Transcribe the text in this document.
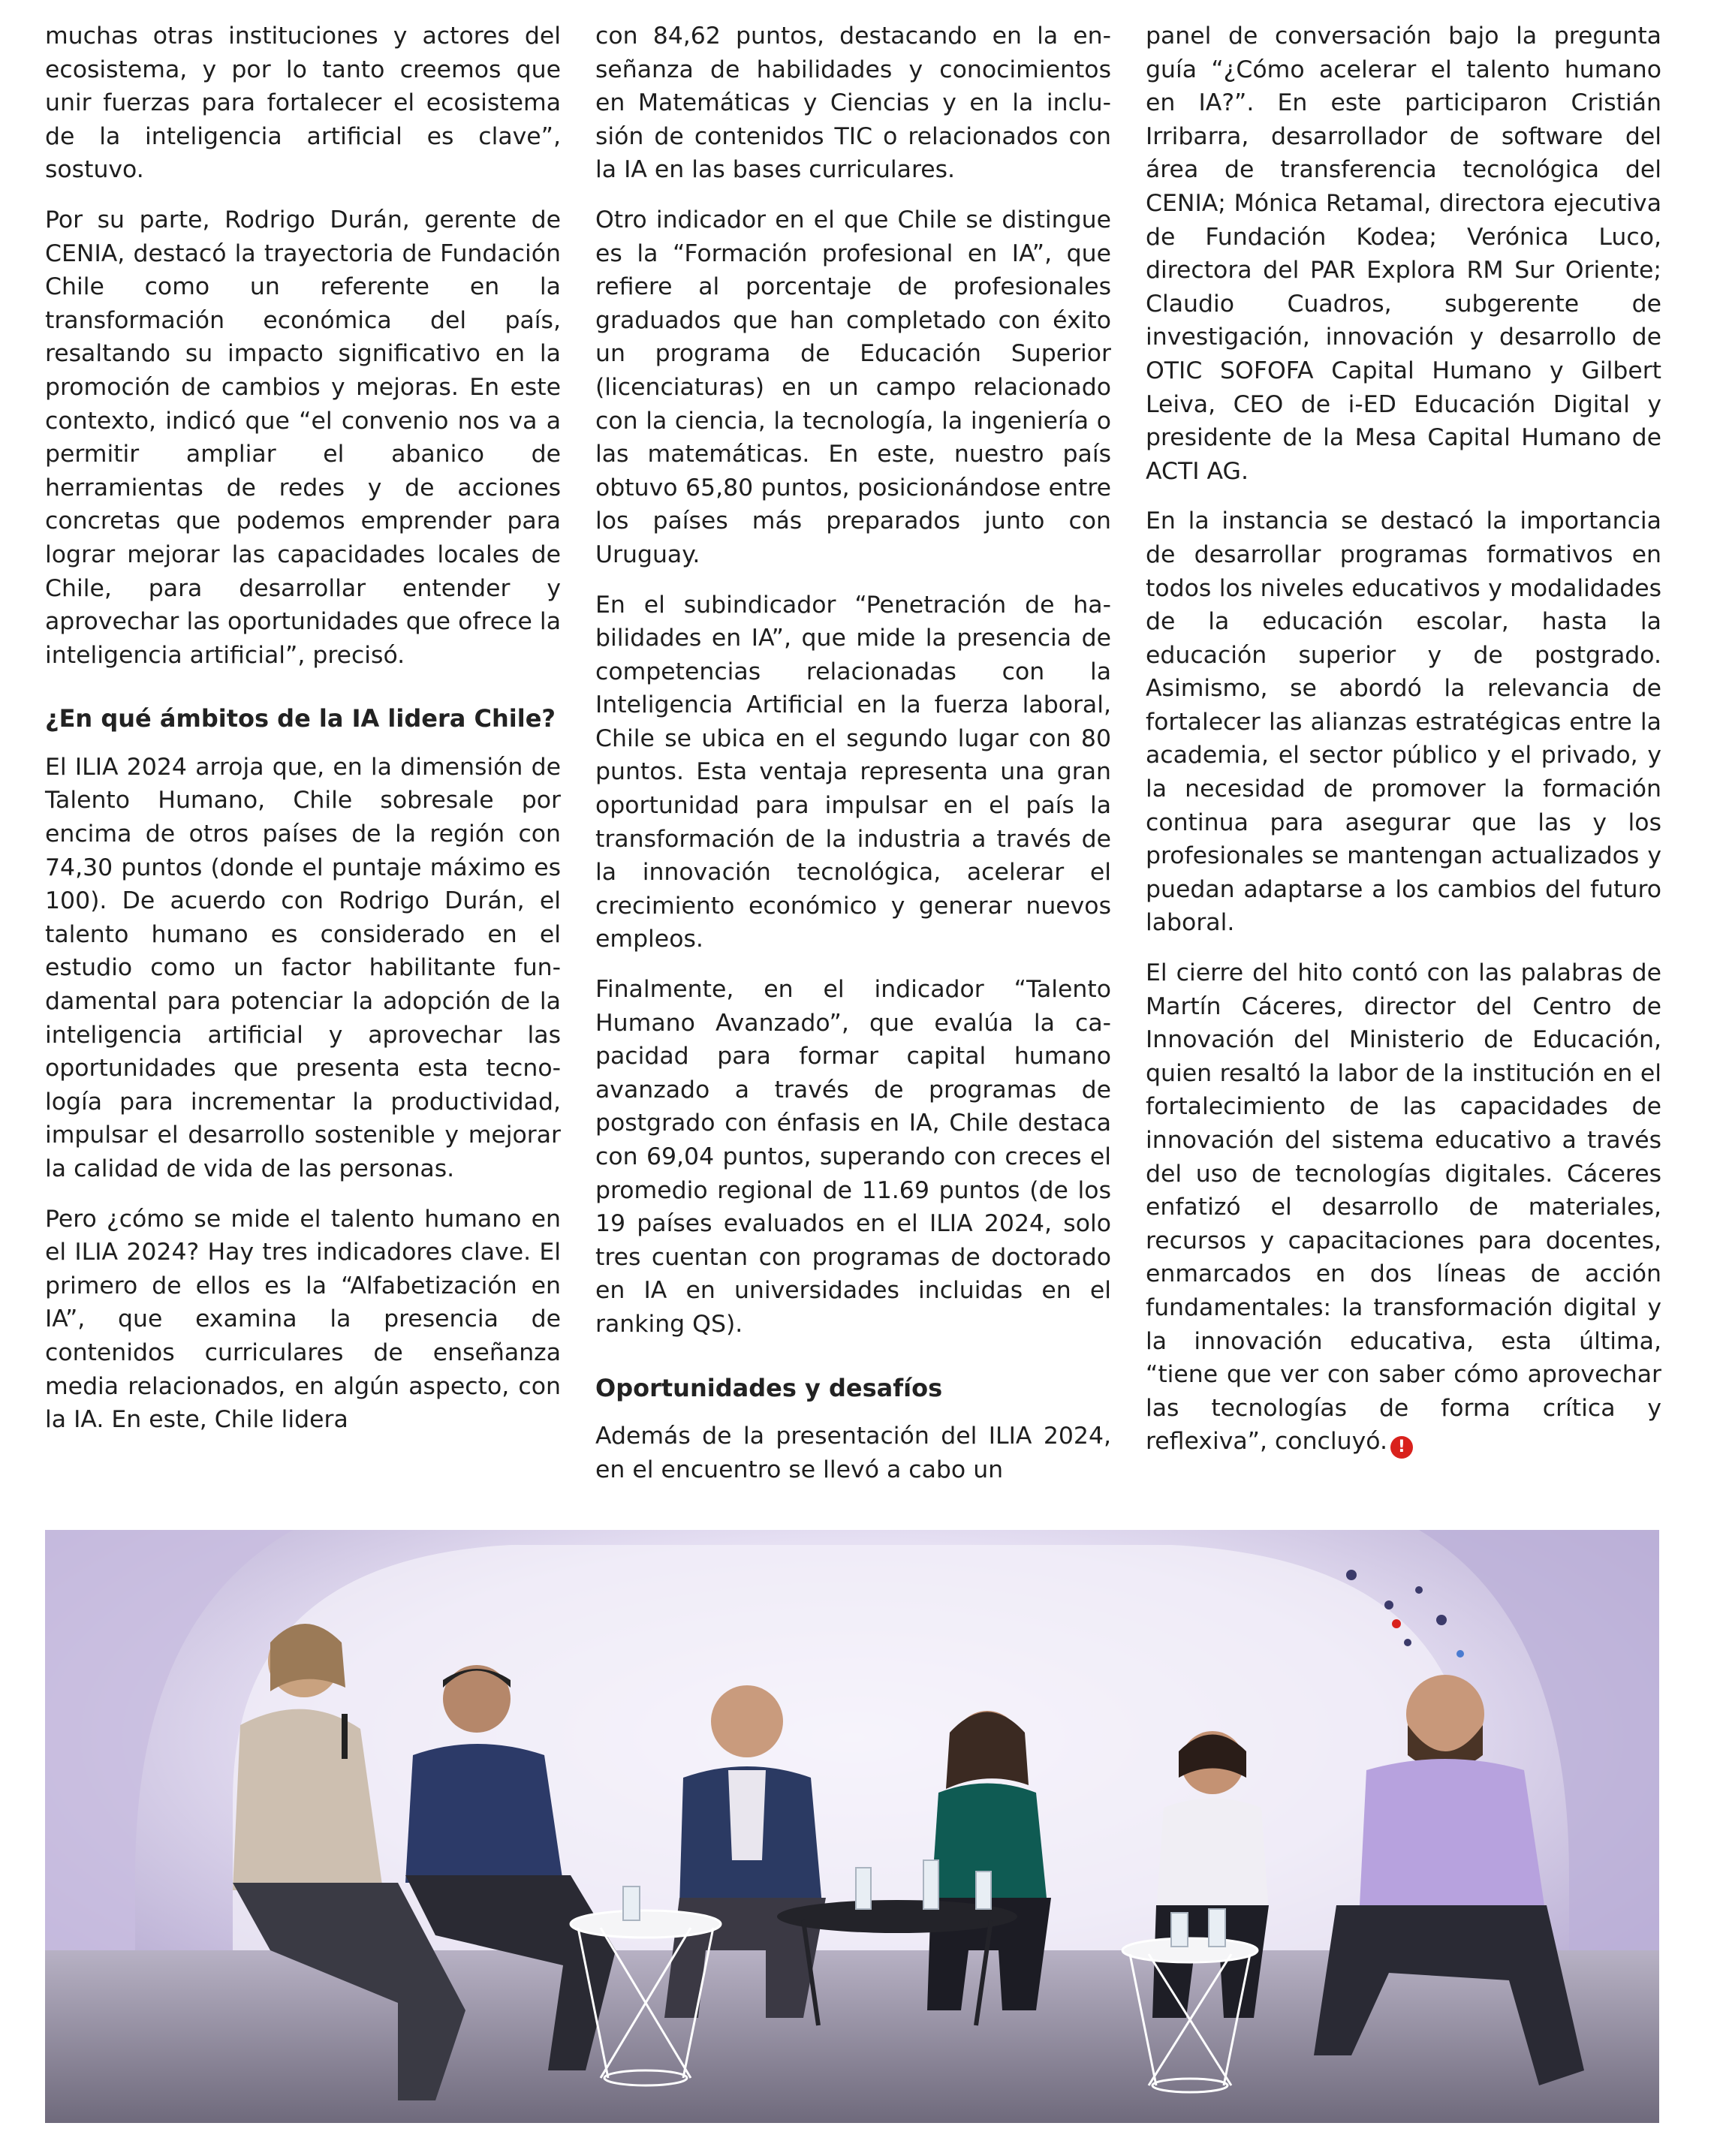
muchas otras instituciones y actores del ecosistema, y por lo tanto creemos que unir fuerzas para fortalecer el ecosistema de la inteligencia artificial es clave”, sostuvo.

Por su parte, Rodrigo Durán, gerente de CENIA, destacó la trayectoria de Fundación Chile como un referente en la transformación económica del país, resaltando su impacto significativo en la promoción de cambios y mejoras. En este contexto, indicó que “el convenio nos va a permitir ampliar el abanico de herramientas de redes y de acciones concretas que podemos emprender para lograr mejorar las capacidades locales de Chile, para desarrollar entender y aprovechar las oportunidades que ofrece la inteligencia artificial”, precisó.

¿En qué ámbitos de la IA lidera Chile?

El ILIA 2024 arroja que, en la dimensión de Talento Humano, Chile sobresale por encima de otros países de la región con 74,30 puntos (donde el puntaje máximo es 100). De acuerdo con Rodrigo Durán, el talento humano es considerado en el estudio como un factor habilitante fundamental para potenciar la adopción de la inteligencia artificial y aprovechar las oportunidades que presenta esta tecnología para incrementar la productividad, impulsar el desarrollo sostenible y mejorar la calidad de vida de las personas.

Pero ¿cómo se mide el talento humano en el ILIA 2024? Hay tres indicadores clave. El primero de ellos es la “Alfabetización en IA”, que examina la presencia de contenidos curriculares de enseñanza media relacionados, en algún aspecto, con la IA. En este, Chile lidera

con 84,62 puntos, destacando en la enseñanza de habilidades y conocimientos en Matemáticas y Ciencias y en la inclusión de contenidos TIC o relacionados con la IA en las bases curriculares.

Otro indicador en el que Chile se distingue es la “Formación profesional en IA”, que refiere al porcentaje de profesionales graduados que han completado con éxito un programa de Educación Superior (licenciaturas) en un campo relacionado con la ciencia, la tecnología, la ingeniería o las matemáticas. En este, nuestro país obtuvo 65,80 puntos, posicionándose entre los países más preparados junto con Uruguay.

En el subindicador “Penetración de habilidades en IA”, que mide la presencia de competencias relacionadas con la Inteligencia Artificial en la fuerza laboral, Chile se ubica en el segundo lugar con 80 puntos. Esta ventaja representa una gran oportunidad para impulsar en el país la transformación de la industria a través de la innovación tecnológica, acelerar el crecimiento económico y generar nuevos empleos.

Finalmente, en el indicador “Talento Humano Avanzado”, que evalúa la capacidad para formar capital humano avanzado a través de programas de postgrado con énfasis en IA, Chile destaca con 69,04 puntos, superando con creces el promedio regional de 11.69 puntos (de los 19 países evaluados en el ILIA 2024, solo tres cuentan con programas de doctorado en IA en universidades incluidas en el ranking QS).

Oportunidades y desafíos

Además de la presentación del ILIA 2024, en el encuentro se llevó a cabo un

panel de conversación bajo la pregunta guía “¿Cómo acelerar el talento humano en IA?”. En este participaron Cristián Irribarra, desarrollador de software del área de transferencia tecnológica del CENIA; Mónica Retamal, directora ejecutiva de Fundación Kodea; Verónica Luco, directora del PAR Explora RM Sur Oriente; Claudio Cuadros, subgerente de investigación, innovación y desarrollo de OTIC SOFOFA Capital Humano y Gilbert Leiva, CEO de i-ED Educación Digital y presidente de la Mesa Capital Humano de ACTI AG.

En la instancia se destacó la importancia de desarrollar programas formativos en todos los niveles educativos y modalidades de la educación escolar, hasta la educación superior y de postgrado. Asimismo, se abordó la relevancia de fortalecer las alianzas estratégicas entre la academia, el sector público y el privado, y la necesidad de promover la formación continua para asegurar que las y los profesionales se mantengan actualizados y puedan adaptarse a los cambios del futuro laboral.

El cierre del hito contó con las palabras de Martín Cáceres, director del Centro de Innovación del Ministerio de Educación, quien resaltó la labor de la institución en el fortalecimiento de las capacidades de innovación del sistema educativo a través del uso de tecnologías digitales. Cáceres enfatizó el desarrollo de materiales, recursos y capacitaciones para docentes, enmarcados en dos líneas de acción fundamentales: la transformación digital y la innovación educativa, esta última, “tiene que ver con saber cómo aprovechar las tecnologías de forma crítica y reflexiva”, concluyó. !
